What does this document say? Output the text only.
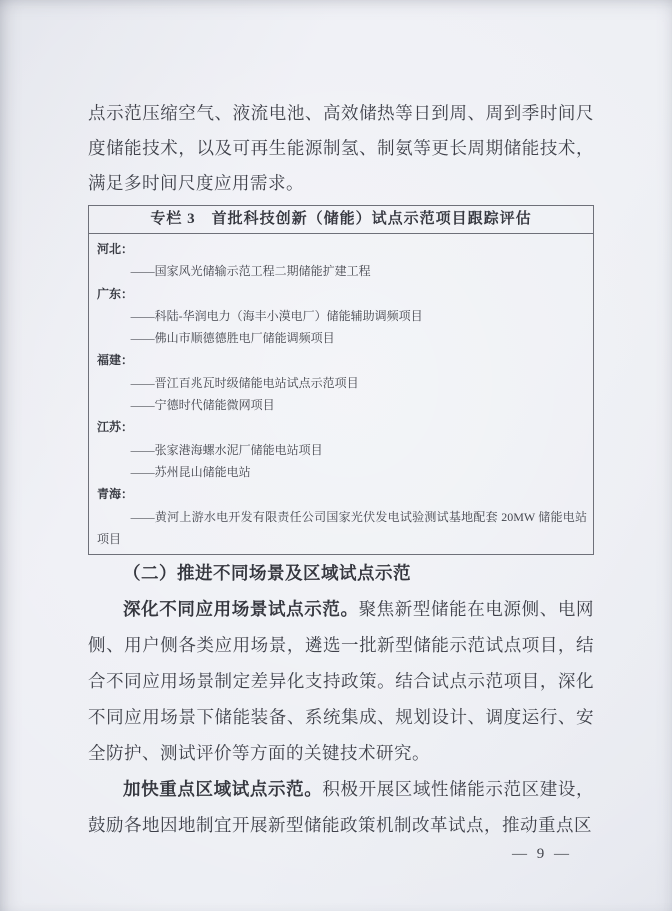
点示范压缩空气、液流电池、高效储热等日到周、周到季时间尺度储能技术，以及可再生能源制氢、制氨等更长周期储能技术，满足多时间尺度应用需求。

专栏 3　首批科技创新（储能）试点示范项目跟踪评估
河北：
——国家风光储输示范工程二期储能扩建工程
广东：
——科陆-华润电力（海丰小漠电厂）储能辅助调频项目
——佛山市顺德德胜电厂储能调频项目
福建：
——晋江百兆瓦时级储能电站试点示范项目
——宁德时代储能微网项目
江苏：
——张家港海螺水泥厂储能电站项目
——苏州昆山储能电站
青海：
——黄河上游水电开发有限责任公司国家光伏发电试验测试基地配套 20MW 储能电站项目
（二）推进不同场景及区域试点示范

深化不同应用场景试点示范。聚焦新型储能在电源侧、电网侧、用户侧各类应用场景，遴选一批新型储能示范试点项目，结合不同应用场景制定差异化支持政策。结合试点示范项目，深化不同应用场景下储能装备、系统集成、规划设计、调度运行、安全防护、测试评价等方面的关键技术研究。

加快重点区域试点示范。积极开展区域性储能示范区建设，鼓励各地因地制宜开展新型储能政策机制改革试点，推动重点区

— 9 —
